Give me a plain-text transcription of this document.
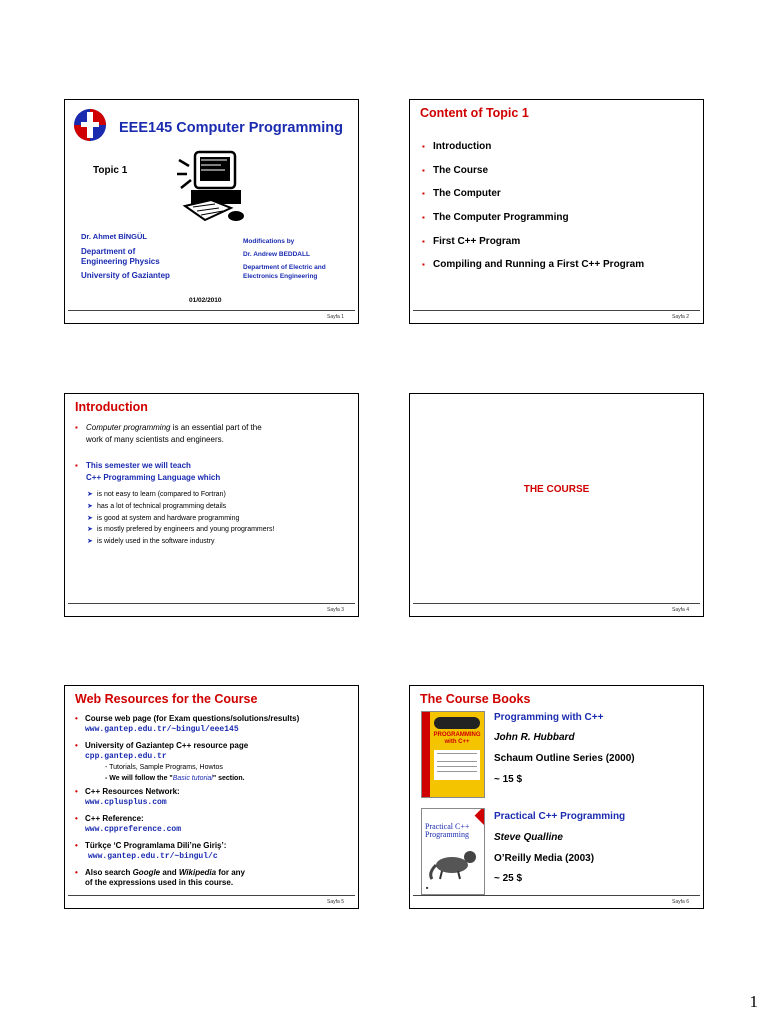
EEE145 Computer Programming
Topic 1
Dr. Ahmet BİNGÜL
Department of
Engineering Physics
University of Gaziantep
Modifications by
Dr. Andrew BEDDALL
Department of Electric and
Electronics Engineering
01/02/2010
Sayfa 1
Content of Topic 1
▪ Introduction
▪ The Course
▪ The Computer
▪ The Computer Programming
▪ First C++ Program
▪ Compiling and Running a First C++ Program
Sayfa 2
Introduction
▪ Computer programming is an essential part of the
work of many scientists and engineers.
▪ This semester we will teach
C++ Programming Language which
➤ is not easy to learn (compared to Fortran)
➤ has a lot of technical programming details
➤ is good at system and hardware programming
➤ is mostly prefered by engineers and young programmers!
➤ is widely used in the software industry
Sayfa 3
THE COURSE
Sayfa 4
Web Resources for the Course
• Course web page (for Exam questions/solutions/results)
www.gantep.edu.tr/~bingul/eee145
• University of Gaziantep C++ resource page
cpp.gantep.edu.tr
- Tutorials, Sample Programs, Howtos
- We will follow the "Basic tutorial" section.
• C++ Resources Network:
www.cplusplus.com
• C++ Reference:
www.cppreference.com
• Türkçe ‘C Programlama Dili’ne Giriş’:
www.gantep.edu.tr/~bingul/c
• Also search Google and Wikipedia for any
of the expressions used in this course.
Sayfa 5
The Course Books
PROGRAMMING with C++
Programming with C++
John R. Hubbard
Schaum Outline Series (2000)
~ 15 $
Practical C++ Programming
■
Practical C++ Programming
Steve Qualline
O’Reilly Media (2003)
~ 25 $
Sayfa 6
1
